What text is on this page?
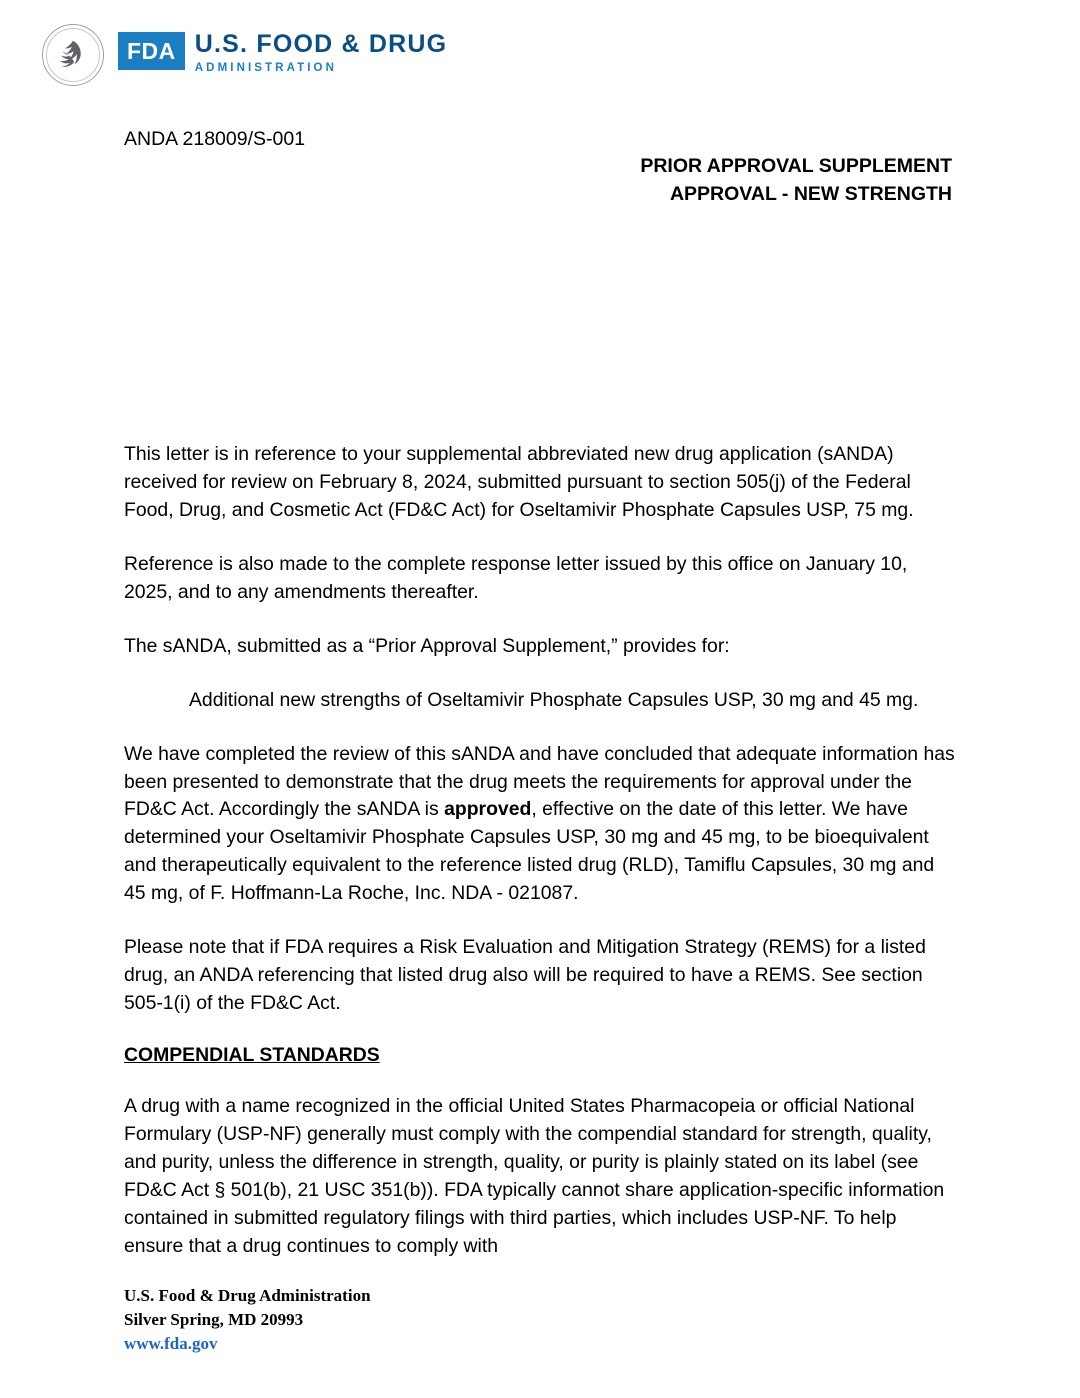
FDA U.S. FOOD & DRUG
ADMINISTRATION
ANDA 218009/S-001
PRIOR APPROVAL SUPPLEMENT
APPROVAL - NEW STRENGTH

This letter is in reference to your supplemental abbreviated new drug application (sANDA) received for review on February 8, 2024, submitted pursuant to section 505(j) of the Federal Food, Drug, and Cosmetic Act (FD&C Act) for Oseltamivir Phosphate Capsules USP, 75 mg.

Reference is also made to the complete response letter issued by this office on January 10, 2025, and to any amendments thereafter.

The sANDA, submitted as a “Prior Approval Supplement,” provides for:

Additional new strengths of Oseltamivir Phosphate Capsules USP, 30 mg and 45 mg.

We have completed the review of this sANDA and have concluded that adequate information has been presented to demonstrate that the drug meets the requirements for approval under the FD&C Act. Accordingly the sANDA is approved, effective on the date of this letter. We have determined your Oseltamivir Phosphate Capsules USP, 30 mg and 45 mg, to be bioequivalent and therapeutically equivalent to the reference listed drug (RLD), Tamiflu Capsules, 30 mg and 45 mg, of F. Hoffmann-La Roche, Inc. NDA - 021087.

Please note that if FDA requires a Risk Evaluation and Mitigation Strategy (REMS) for a listed drug, an ANDA referencing that listed drug also will be required to have a REMS. See section 505-1(i) of the FD&C Act.

COMPENDIAL STANDARDS

A drug with a name recognized in the official United States Pharmacopeia or official National Formulary (USP-NF) generally must comply with the compendial standard for strength, quality, and purity, unless the difference in strength, quality, or purity is plainly stated on its label (see FD&C Act § 501(b), 21 USC 351(b)). FDA typically cannot share application-specific information contained in submitted regulatory filings with third parties, which includes USP-NF. To help ensure that a drug continues to comply with

U.S. Food & Drug Administration
Silver Spring, MD 20993
www.fda.gov
